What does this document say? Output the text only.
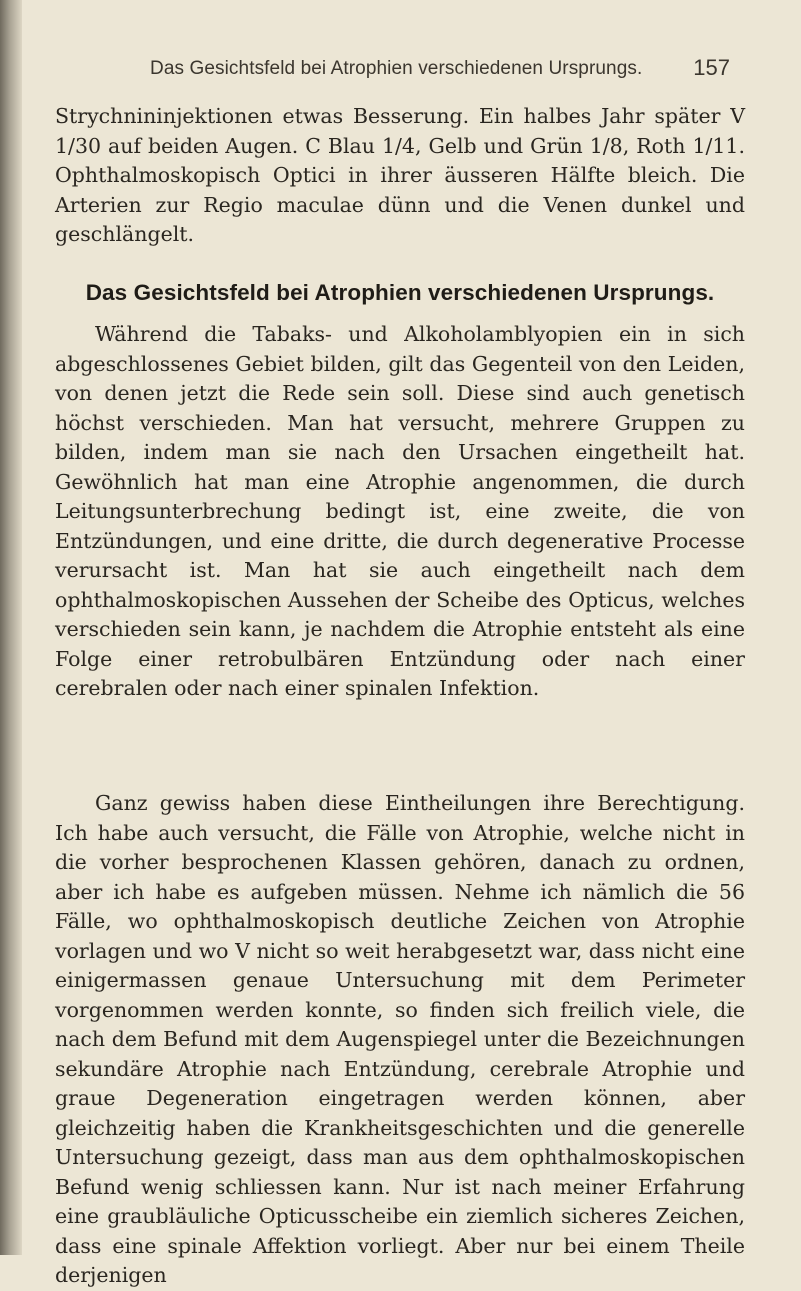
Das Gesichtsfeld bei Atrophien verschiedenen Ursprungs. 157
Strychnininjektionen etwas Besserung. Ein halbes Jahr später V 1/30 auf beiden Augen. C Blau 1/4, Gelb und Grün 1/8, Roth 1/11. Ophthalmoskopisch Optici in ihrer äusseren Hälfte bleich. Die Arterien zur Regio maculae dünn und die Venen dunkel und geschlängelt.
Das Gesichtsfeld bei Atrophien verschiedenen Ursprungs.
Während die Tabaks- und Alkoholamblyopien ein in sich abgeschlossenes Gebiet bilden, gilt das Gegenteil von den Leiden, von denen jetzt die Rede sein soll. Diese sind auch genetisch höchst verschieden. Man hat versucht, mehrere Gruppen zu bilden, indem man sie nach den Ursachen eingetheilt hat. Gewöhnlich hat man eine Atrophie angenommen, die durch Leitungsunterbrechung bedingt ist, eine zweite, die von Entzündungen, und eine dritte, die durch degenerative Processe verursacht ist. Man hat sie auch eingetheilt nach dem ophthalmoskopischen Aussehen der Scheibe des Opticus, welches verschieden sein kann, je nachdem die Atrophie entsteht als eine Folge einer retrobulbären Entzündung oder nach einer cerebralen oder nach einer spinalen Infektion.
Ganz gewiss haben diese Eintheilungen ihre Berechtigung. Ich habe auch versucht, die Fälle von Atrophie, welche nicht in die vorher besprochenen Klassen gehören, danach zu ordnen, aber ich habe es aufgeben müssen. Nehme ich nämlich die 56 Fälle, wo ophthalmoskopisch deutliche Zeichen von Atrophie vorlagen und wo V nicht so weit herabgesetzt war, dass nicht eine einigermassen genaue Untersuchung mit dem Perimeter vorgenommen werden konnte, so finden sich freilich viele, die nach dem Befund mit dem Augenspiegel unter die Bezeichnungen sekundäre Atrophie nach Entzündung, cerebrale Atrophie und graue Degeneration eingetragen werden können, aber gleichzeitig haben die Krankheitsgeschichten und die generelle Untersuchung gezeigt, dass man aus dem ophthalmoskopischen Befund wenig schliessen kann. Nur ist nach meiner Erfahrung eine graubläuliche Opticusscheibe ein ziemlich sicheres Zeichen, dass eine spinale Affektion vorliegt. Aber nur bei einem Theile derjenigen
